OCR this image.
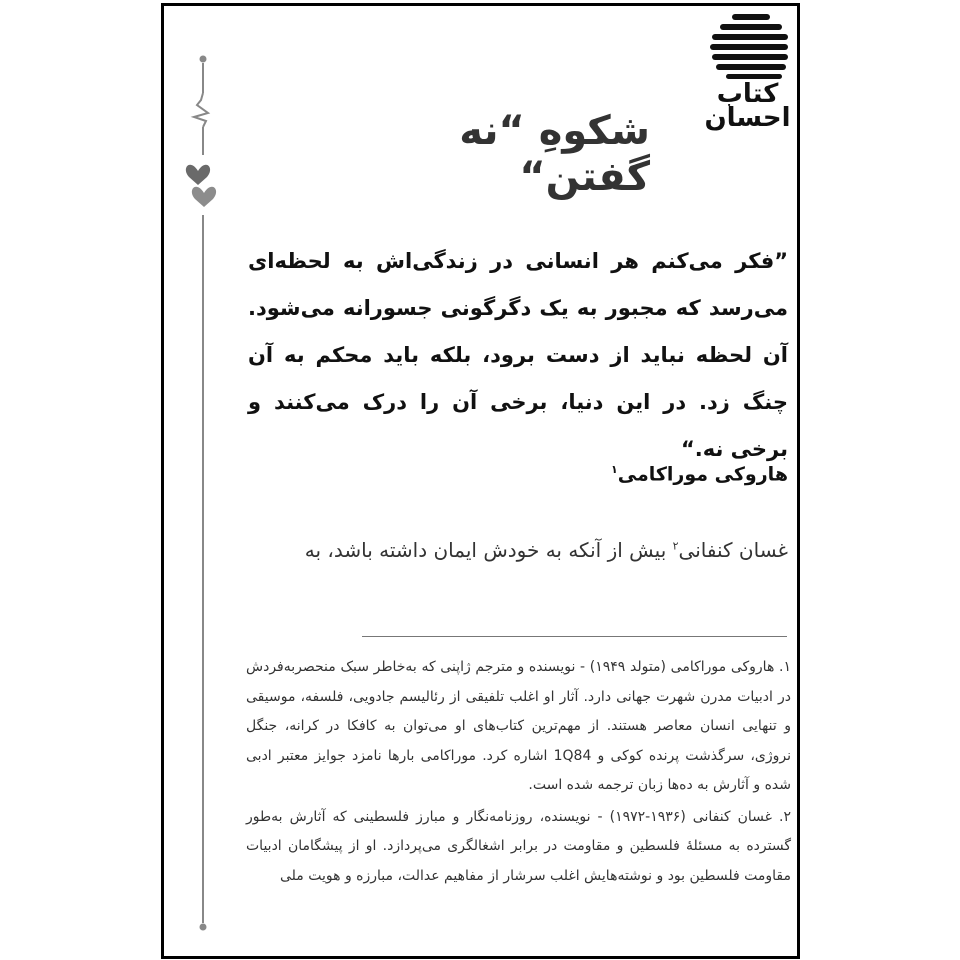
کتاب
احسان
شکوهِ “نه گفتن“
”فکر می‌کنم هر انسانی در زندگی‌اش به لحظه‌ای می‌رسد که مجبور به یک دگرگونی جسورانه می‌شود. آن لحظه نباید از دست برود، بلکه باید محکم به آن چنگ زد. در این دنیا، برخی آن را درک می‌کنند و برخی نه.“
هاروکی موراکامی$^۱$
غسان کنفانی$^۲$ بیش از آنکه به خودش ایمان داشته باشد، به

۱. هاروکی موراکامی (متولد ۱۹۴۹) - نویسنده و مترجم ژاپنی که به‌خاطر سبک منحصربه‌فردش در ادبیات مدرن شهرت جهانی دارد. آثار او اغلب تلفیقی از رئالیسم جادویی، فلسفه، موسیقی و تنهایی انسان معاصر هستند. از مهم‌ترین کتاب‌های او می‌توان به کافکا در کرانه، جنگل نروژی، سرگذشت پرنده کوکی و 1Q84 اشاره کرد. موراکامی بارها نامزد جوایز معتبر ادبی شده و آثارش به ده‌ها زبان ترجمه شده است.

۲. غسان کنفانی (۱۹۳۶-۱۹۷۲) - نویسنده، روزنامه‌نگار و مبارز فلسطینی که آثارش به‌طور گسترده به مسئلهٔ فلسطین و مقاومت در برابر اشغالگری می‌پردازد. او از پیشگامان ادبیات مقاومت فلسطین بود و نوشته‌هایش اغلب سرشار از مفاهیم عدالت، مبارزه و هویت ملی
